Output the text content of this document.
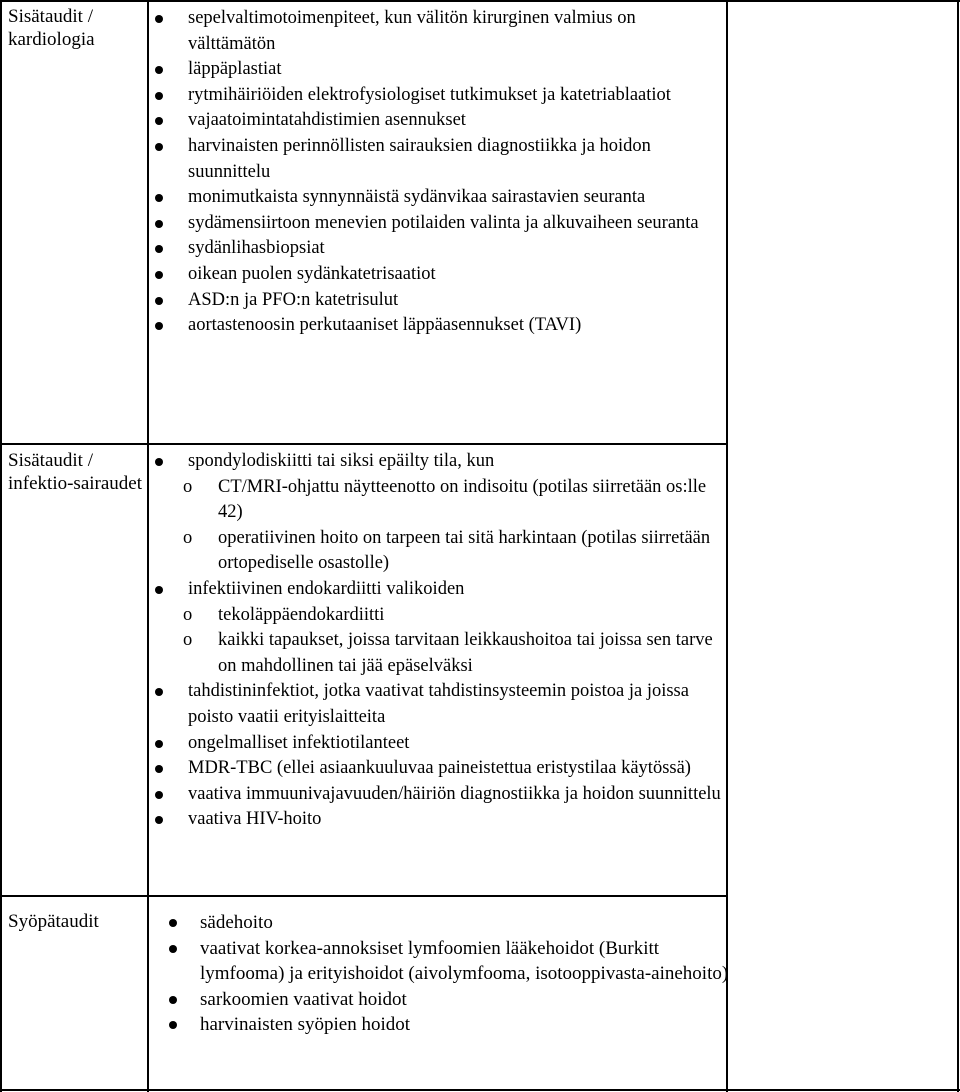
Sisätaudit / kardiologia
sepelvaltimotoimenpiteet, kun välitön kirurginen valmius on välttämätön
läppäplastiat
rytmihäiriöiden elektrofysiologiset tutkimukset ja katetriablaatiot
vajaatoimintatahdistimien asennukset
harvinaisten perinnöllisten sairauksien diagnostiikka ja hoidon suunnittelu
monimutkaista synnynnäistä sydänvikaa sairastavien seuranta
sydämensiirtoon menevien potilaiden valinta ja alkuvaiheen seuranta
sydänlihasbiopsiat
oikean puolen sydänkatetrisaatiot
ASD:n ja PFO:n katetrisulut
aortastenoosin perkutaaniset läppäasennukset (TAVI)
Sisätaudit / infektio-sairaudet
spondylodiskiitti tai siksi epäilty tila, kun
o CT/MRI-ohjattu näytteenotto on indisoitu (potilas siirretään os:lle 42)
o operatiivinen hoito on tarpeen tai sitä harkintaan (potilas siirretään ortopediselle osastolle)
infektiivinen endokardiitti valikoiden
o tekoläppäendokardiitti
o kaikki tapaukset, joissa tarvitaan leikkaushoitoa tai joissa sen tarve on mahdollinen tai jää epäselväksi
tahdistininfektiot, jotka vaativat tahdistinsysteemin poistoa ja joissa poisto vaatii erityislaitteita
ongelmalliset infektiotilanteet
MDR-TBC (ellei asiaankuuluvaa paineistettua eristystilaa käytössä)
vaativa immuunivajavuuden/häiriön diagnostiikka ja hoidon suunnittelu
vaativa HIV-hoito
Syöpätaudit	sädehoito
vaativat korkea-annoksiset lymfoomien lääkehoidot (Burkitt lymfooma) ja erityishoidot (aivolymfooma, isotooppivasta-ainehoito)
sarkoomien vaativat hoidot
harvinaisten syöpien hoidot
